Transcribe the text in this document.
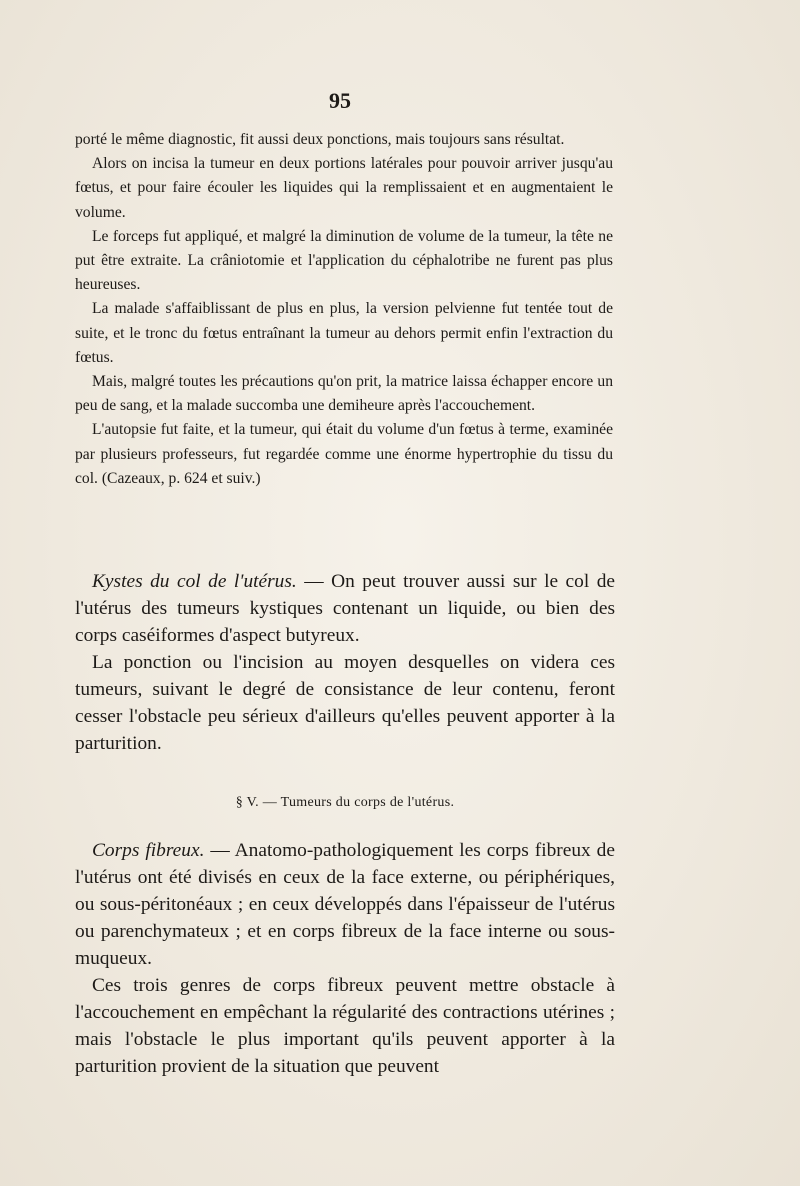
95

porté le même diagnostic, fit aussi deux ponctions, mais toujours sans résultat.

Alors on incisa la tumeur en deux portions latérales pour pouvoir arriver jusqu'au fœtus, et pour faire écouler les liquides qui la remplissaient et en augmentaient le volume.

Le forceps fut appliqué, et malgré la diminution de volume de la tumeur, la tête ne put être extraite. La crâniotomie et l'application du céphalotribe ne furent pas plus heureuses.

La malade s'affaiblissant de plus en plus, la version pelvienne fut tentée tout de suite, et le tronc du fœtus entraînant la tumeur au dehors permit enfin l'extraction du fœtus.

Mais, malgré toutes les précautions qu'on prit, la matrice laissa échapper encore un peu de sang, et la malade succomba une demiheure après l'accouchement.

L'autopsie fut faite, et la tumeur, qui était du volume d'un fœtus à terme, examinée par plusieurs professeurs, fut regardée comme une énorme hypertrophie du tissu du col. (Cazeaux, p. 624 et suiv.)

Kystes du col de l'utérus. — On peut trouver aussi sur le col de l'utérus des tumeurs kystiques contenant un liquide, ou bien des corps caséiformes d'aspect butyreux.

La ponction ou l'incision au moyen desquelles on videra ces tumeurs, suivant le degré de consistance de leur contenu, feront cesser l'obstacle peu sérieux d'ailleurs qu'elles peuvent apporter à la parturition.

§ V. — Tumeurs du corps de l'utérus.

Corps fibreux. — Anatomo-pathologiquement les corps fibreux de l'utérus ont été divisés en ceux de la face externe, ou périphériques, ou sous-péritonéaux ; en ceux développés dans l'épaisseur de l'utérus ou parenchymateux ; et en corps fibreux de la face interne ou sous-muqueux.

Ces trois genres de corps fibreux peuvent mettre obstacle à l'accouchement en empêchant la régularité des contractions utérines ; mais l'obstacle le plus important qu'ils peuvent apporter à la parturition provient de la situation que peuvent
